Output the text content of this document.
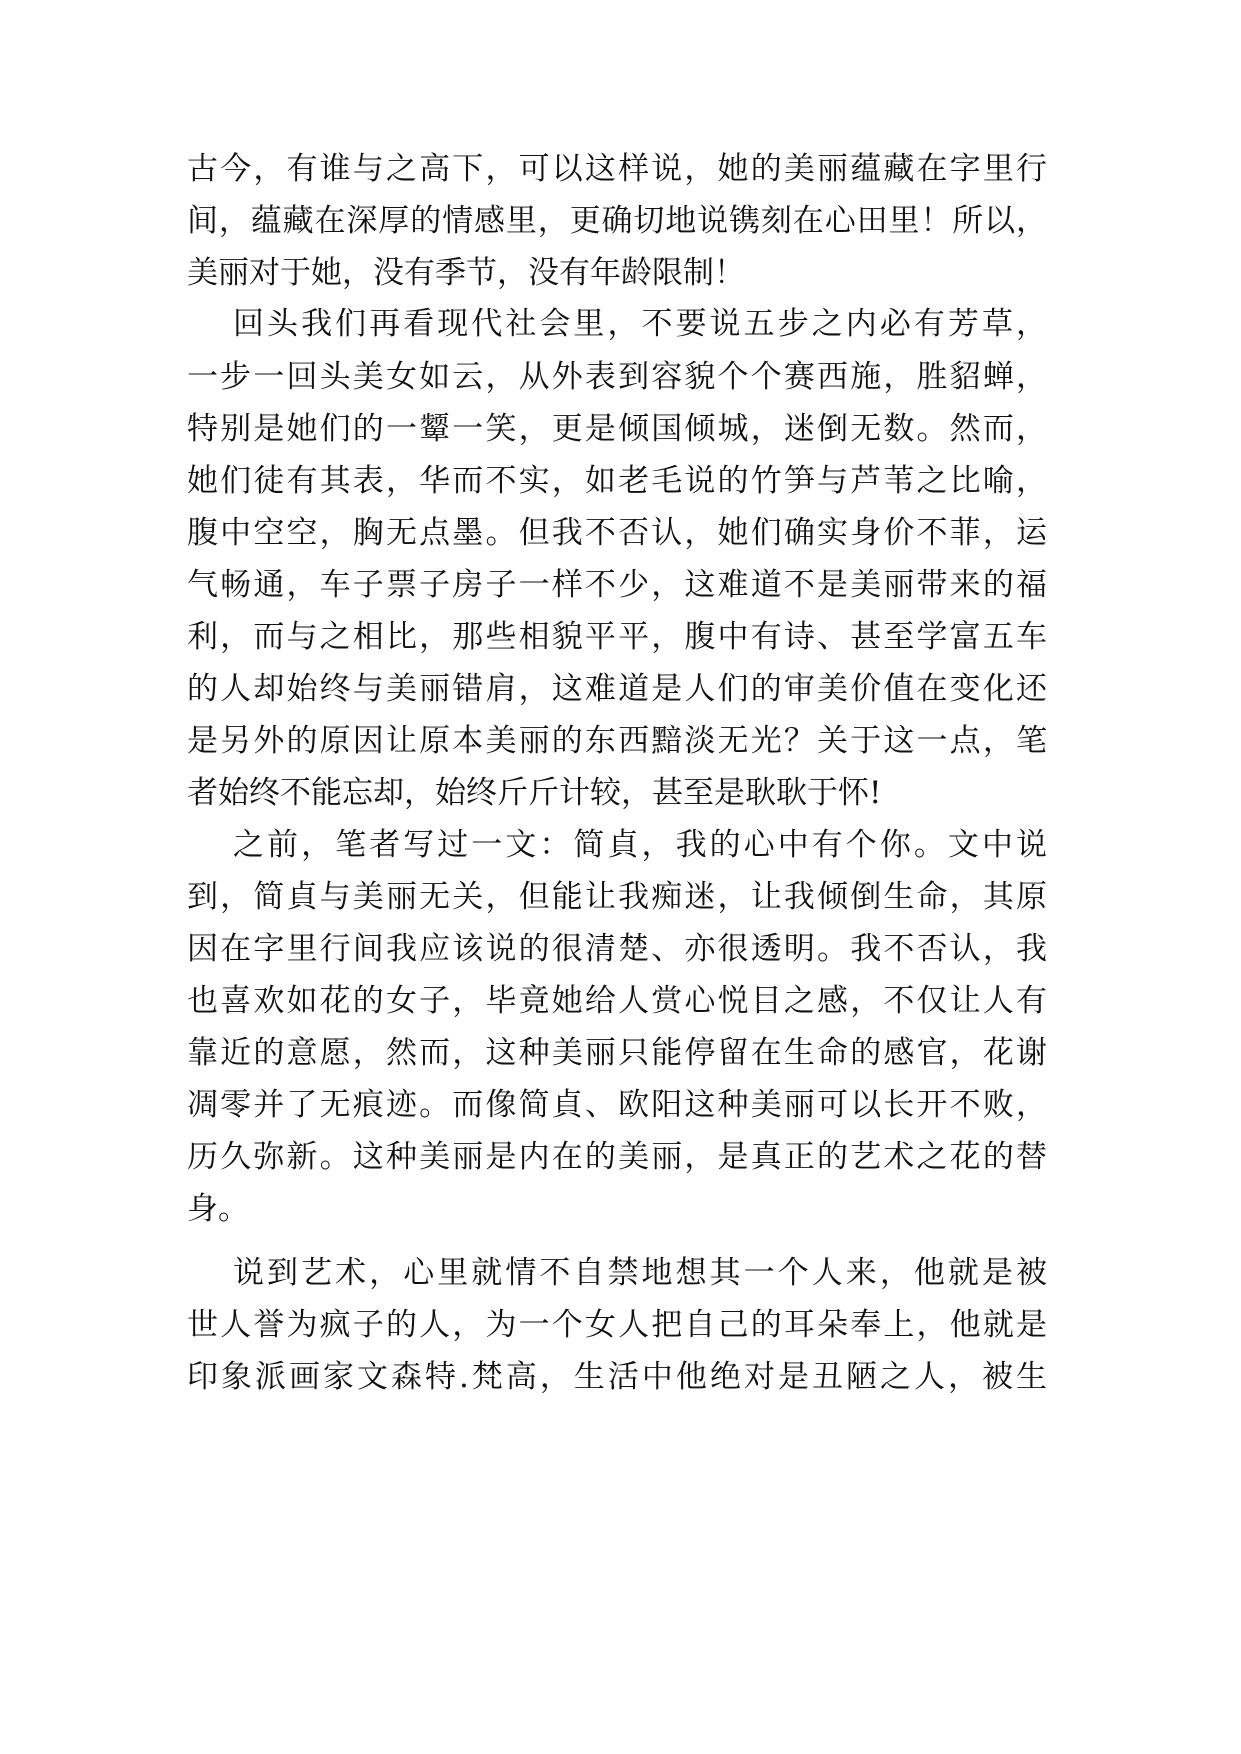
古今，有谁与之高下，可以这样说，她的美丽蕴藏在字里行
间，蕴藏在深厚的情感里，更确切地说镌刻在心田里！所以，
美丽对于她，没有季节，没有年龄限制！
回头我们再看现代社会里，不要说五步之内必有芳草，
一步一回头美女如云，从外表到容貌个个赛西施，胜貂蝉，
特别是她们的一颦一笑，更是倾国倾城，迷倒无数。然而，
她们徒有其表，华而不实，如老毛说的竹笋与芦苇之比喻，
腹中空空，胸无点墨。但我不否认，她们确实身价不菲，运
气畅通，车子票子房子一样不少，这难道不是美丽带来的福
利，而与之相比，那些相貌平平，腹中有诗、甚至学富五车
的人却始终与美丽错肩，这难道是人们的审美价值在变化还
是另外的原因让原本美丽的东西黯淡无光？关于这一点，笔
者始终不能忘却，始终斤斤计较，甚至是耿耿于怀!
之前，笔者写过一文：简貞，我的心中有个你。文中说
到，简貞与美丽无关，但能让我痴迷，让我倾倒生命，其原
因在字里行间我应该说的很清楚、亦很透明。我不否认，我
也喜欢如花的女子，毕竟她给人赏心悦目之感，不仅让人有
靠近的意愿，然而，这种美丽只能停留在生命的感官，花谢
凋零并了无痕迹。而像简貞、欧阳这种美丽可以长开不败，
历久弥新。这种美丽是内在的美丽，是真正的艺术之花的替
身。
说到艺术，心里就情不自禁地想其一个人来，他就是被
世人誉为疯子的人，为一个女人把自己的耳朵奉上，他就是
印象派画家文森特.梵高，生活中他绝对是丑陋之人，被生
